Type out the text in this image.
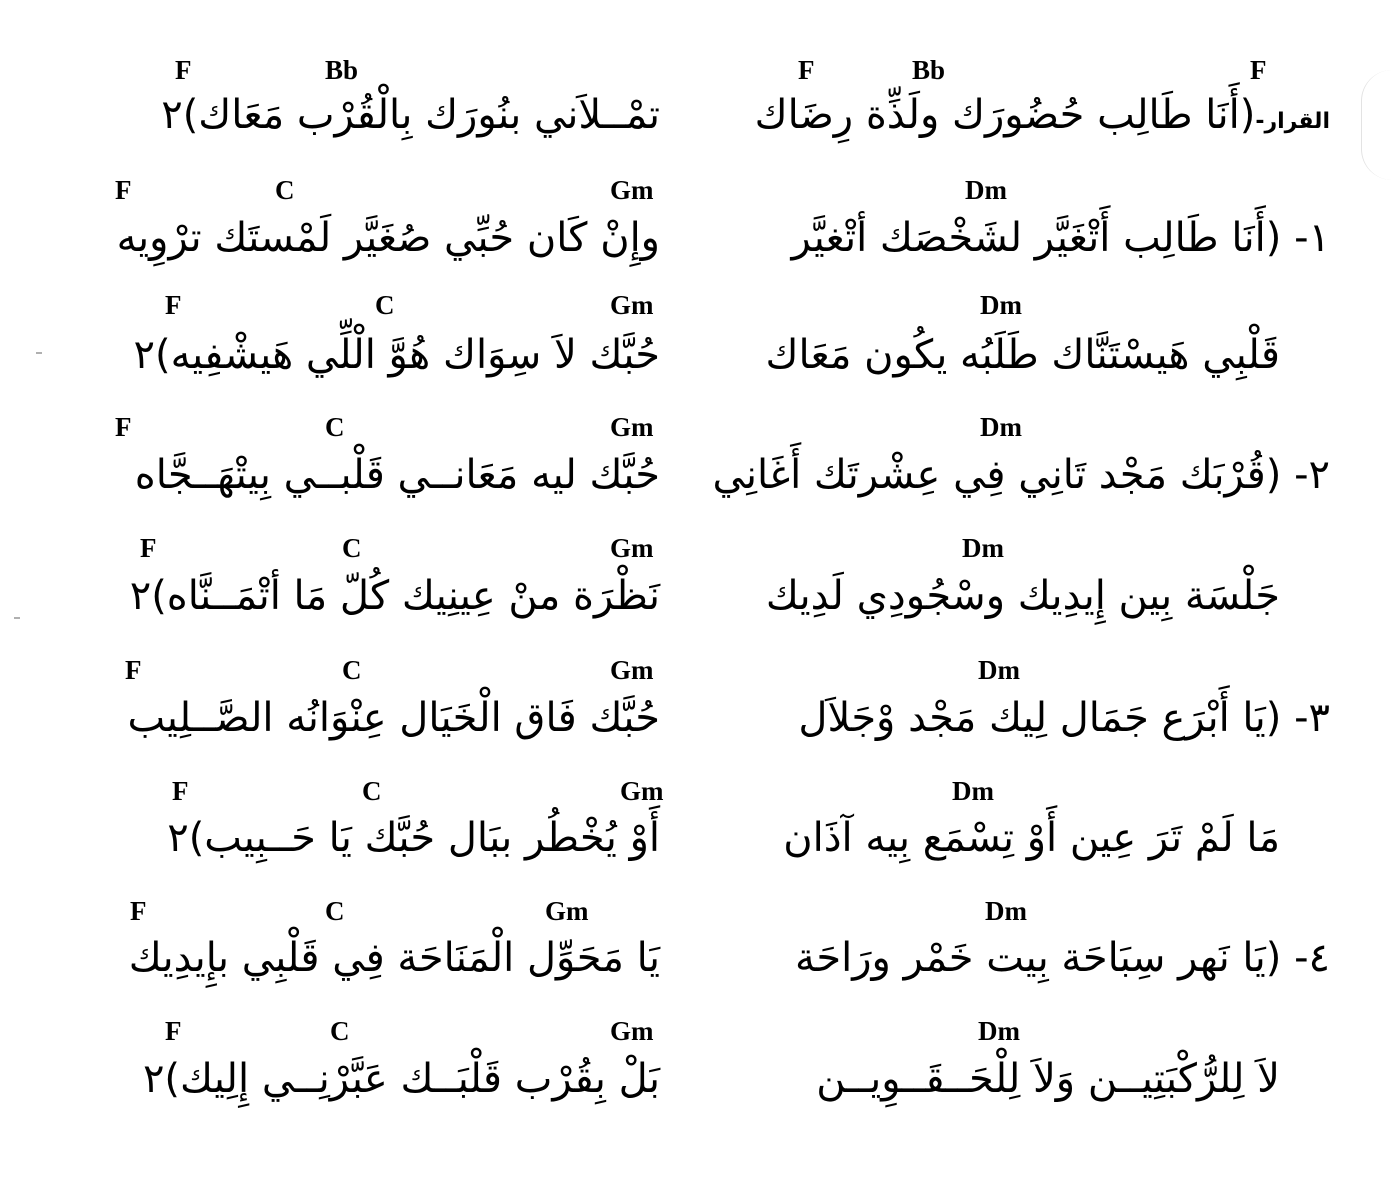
F	Bb	F
القرار-(أَنَا طَالِب حُضُورَك ولَذِّة رِضَاك
Dm
١- (أَنَا طَالِب أَتْغَيَّر لشَخْصَك أتْغيَّر
Dm
قَلْبِي هَيسْتَنَّاك طَلَبُه يكُون مَعَاك
Dm
٢- (قُرْبَك مَجْد تَانِي فِي عِشْرتَك أَغَانِي
Dm
جَلْسَة بِين إِيدِيك وسْجُودِي لَدِيك
Dm
٣- (يَا أَبْرَع جَمَال لِيك مَجْد وْجَلاَل
Dm
مَا لَمْ تَرَ عِين أَوْ تِسْمَع بِيه آذَان
Dm
٤- (يَا نَهر سِبَاحَة بِيت خَمْر ورَاحَة
Dm
لاَ لِلرُّكْبَتِيــن وَلاَ لِلْحَــقَــوِيــن
F	Bb
تمْــلاَني بنُورَك بِالْقُرْب مَعَاك)٢
F	C	Gm
وإِنْ كَان حُبِّي صُغَيَّر لَمْستَك ترْوِيه
F	C	Gm
حُبَّك لاَ سِوَاك هُوَّ الْلِّي هَيشْفِيه)٢
F	C	Gm
حُبَّك ليه مَعَانــي قَلْبــي بِيتْهَــجَّاه
F	C	Gm
نَظْرَة منْ عِينِيك كُلّ مَا أتْمَــنَّاه)٢
F	C	Gm
حُبَّك فَاق الْخَيَال عِنْوَانُه الصَّــلِيب
F	C	Gm
أَوْ يُخْطُر ببَال حُبَّك يَا حَــبِيب)٢
F	C	Gm
يَا مَحَوِّل الْمَنَاحَة فِي قَلْبِي بإِيدِيك
F	C	Gm
بَلْ بِقُرْب قَلْبَــك عَبَّرْنِــي إِلِيك)٢
